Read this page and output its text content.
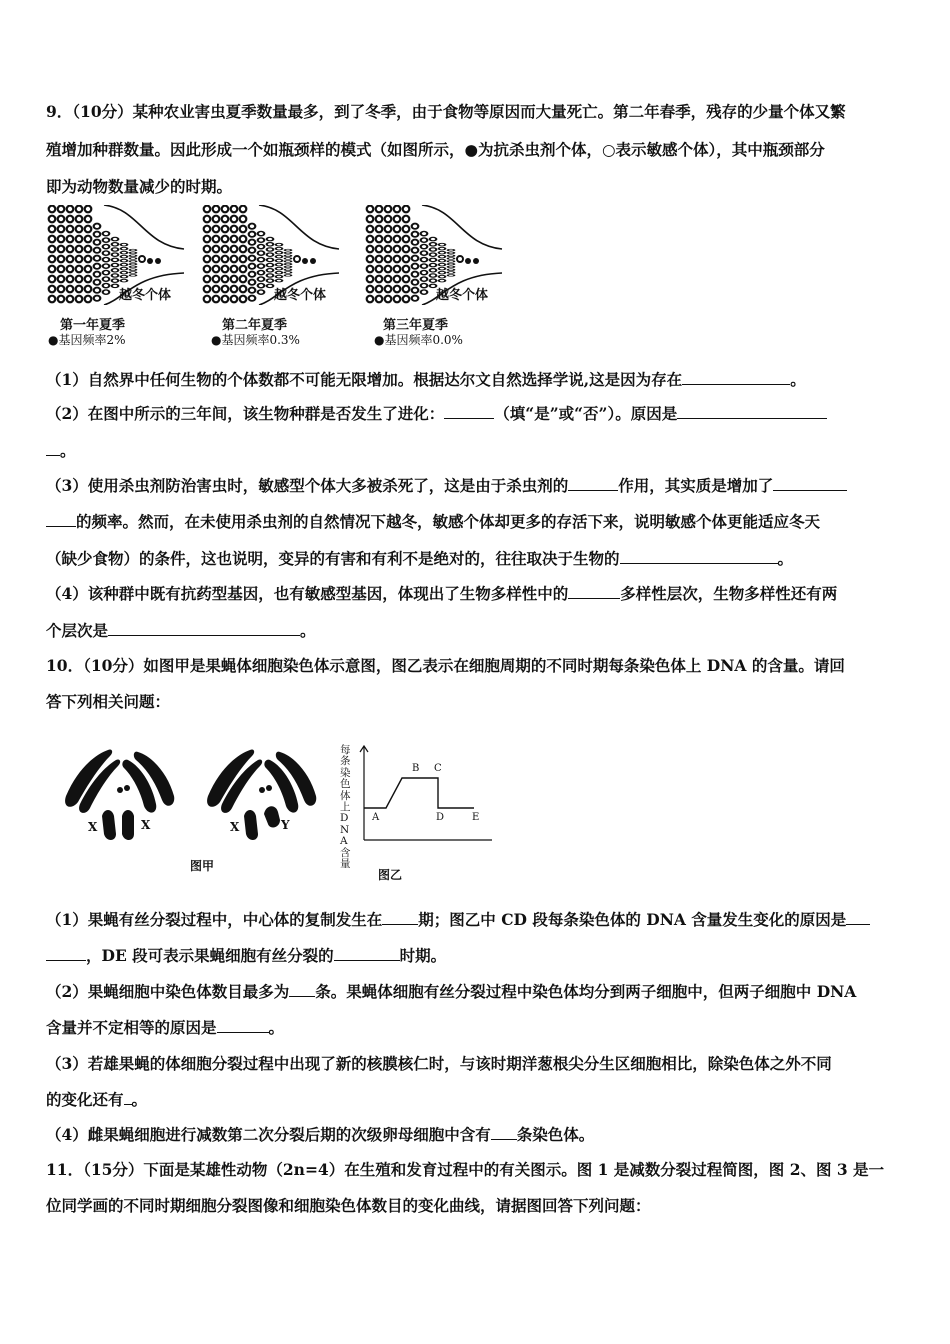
9．（10分）某种农业害虫夏季数量最多，到了冬季，由于食物等原因而大量死亡。第二年春季，残存的少量个体又繁
殖增加种群数量。因此形成一个如瓶颈样的模式（如图所示，●为抗杀虫剂个体，○表示敏感个体），其中瓶颈部分
即为动物数量减少的时期。
越冬个体	越冬个体	越冬个体
第一年夏季	第二年夏季	第三年夏季
●基因频率2%	●基因频率0.3%	●基因频率0.0%
（1）自然界中任何生物的个体数都不可能无限增加。根据达尔文自然选择学说,这是因为存在	。
（2）在图中所示的三年间，该生物种群是否发生了进化：	（填“是”或“否”）。原因是
。
（3）使用杀虫剂防治害虫时，敏感型个体大多被杀死了，这是由于杀虫剂的	作用，其实质是增加了
的频率。然而，在未使用杀虫剂的自然情况下越冬，敏感个体却更多的存活下来，说明敏感个体更能适应冬天
（缺少食物）的条件，这也说明，变异的有害和有利不是绝对的，往往取决于生物的	。
（4）该种群中既有抗药型基因，也有敏感型基因，体现出了生物多样性中的	多样性层次，生物多样性还有两
个层次是	。
10．（10分）如图甲是果蝇体细胞染色体示意图，图乙表示在细胞周期的不同时期每条染色体上 DNA 的含量。请回
答下列相关问题：
X	X	X	Y
图甲
每条染色体上DNA含量
A
B C
D	E
图乙
（1）果蝇有丝分裂过程中，中心体的复制发生在 期；图乙中 CD 段每条染色体的 DNA 含量发生变化的原因是
，DE 段可表示果蝇细胞有丝分裂的	时期。
（2）果蝇细胞中染色体数目最多为 条。果蝇体细胞有丝分裂过程中染色体均分到两子细胞中，但两子细胞中 DNA
含量并不定相等的原因是	。
（3）若雄果蝇的体细胞分裂过程中出现了新的核膜核仁时，与该时期洋葱根尖分生区细胞相比，除染色体之外不同
的变化还有 。
（4）雌果蝇细胞进行减数第二次分裂后期的次级卵母细胞中含有 条染色体。
11．（15分）下面是某雄性动物（2n=4）在生殖和发育过程中的有关图示。图 1 是减数分裂过程简图，图 2、图 3 是一
位同学画的不同时期细胞分裂图像和细胞染色体数目的变化曲线，请据图回答下列问题：
